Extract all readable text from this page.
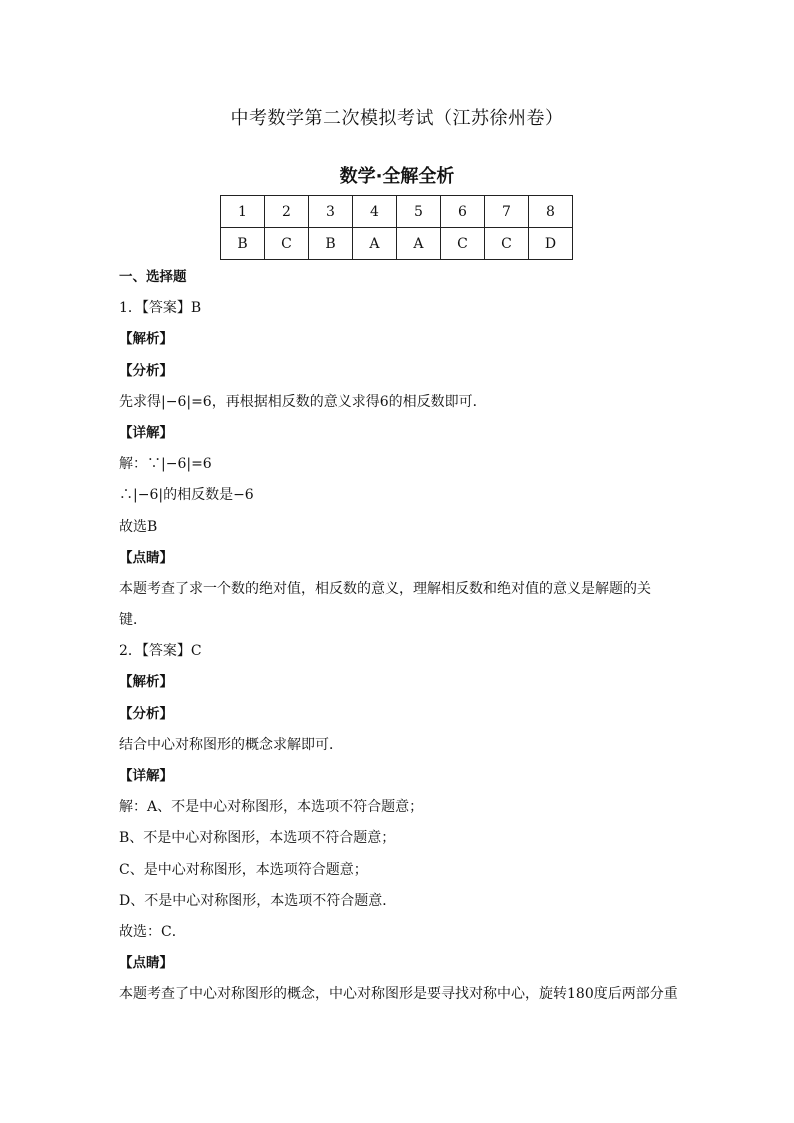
中考数学第二次模拟考试（江苏徐州卷）
数学·全解全析
1	2	3	4	5	6	7	8
B	C	B	A	A	C	C	D
一、选择题
1．【答案】B
【解析】
【分析】
先求得|−6|=6，再根据相反数的意义求得6的相反数即可．
【详解】
解：∵|−6|=6
∴|−6|的相反数是−6
故选B
【点睛】
本题考查了求一个数的绝对值，相反数的意义，理解相反数和绝对值的意义是解题的关
键．
2．【答案】C
【解析】
【分析】
结合中心对称图形的概念求解即可．
【详解】
解：A、不是中心对称图形，本选项不符合题意；
B、不是中心对称图形，本选项不符合题意；
C、是中心对称图形，本选项符合题意；
D、不是中心对称图形，本选项不符合题意．
故选：C．
【点睛】
本题考查了中心对称图形的概念，中心对称图形是要寻找对称中心，旋转180度后两部分重
